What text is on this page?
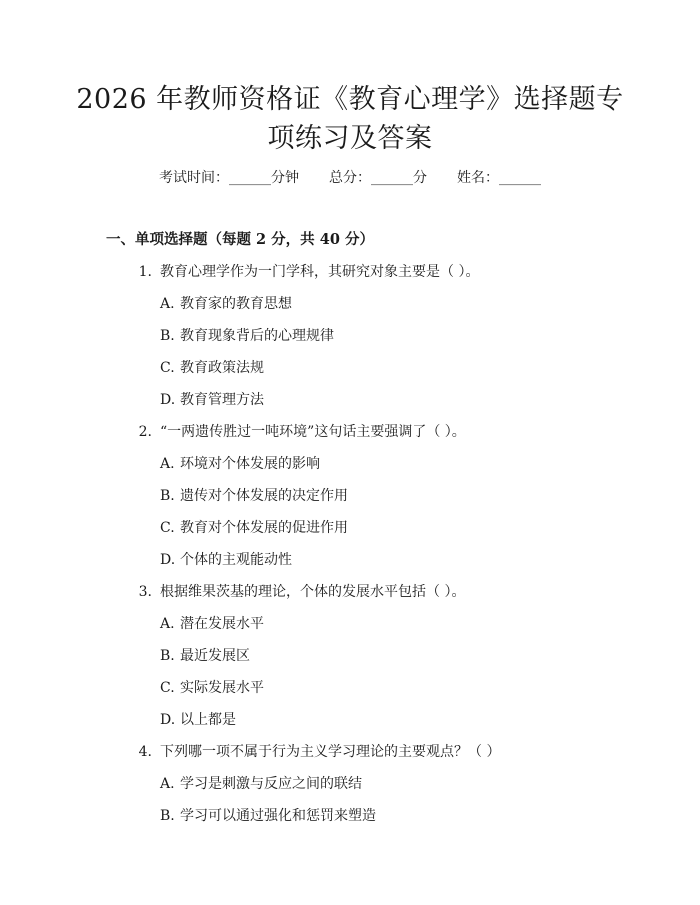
2026 年教师资格证《教育心理学》选择题专
项练习及答案
考试时间：______分钟 总分：______分 姓名：______
一、单项选择题（每题 2 分，共 40 分）
1. 教育心理学作为一门学科，其研究对象主要是（ ）。
A. 教育家的教育思想
B. 教育现象背后的心理规律
C. 教育政策法规
D. 教育管理方法
2. “一两遗传胜过一吨环境”这句话主要强调了（ ）。
A. 环境对个体发展的影响
B. 遗传对个体发展的决定作用
C. 教育对个体发展的促进作用
D. 个体的主观能动性
3. 根据维果茨基的理论，个体的发展水平包括（ ）。
A. 潜在发展水平
B. 最近发展区
C. 实际发展水平
D. 以上都是
4. 下列哪一项不属于行为主义学习理论的主要观点？（ ）
A. 学习是刺激与反应之间的联结
B. 学习可以通过强化和惩罚来塑造
